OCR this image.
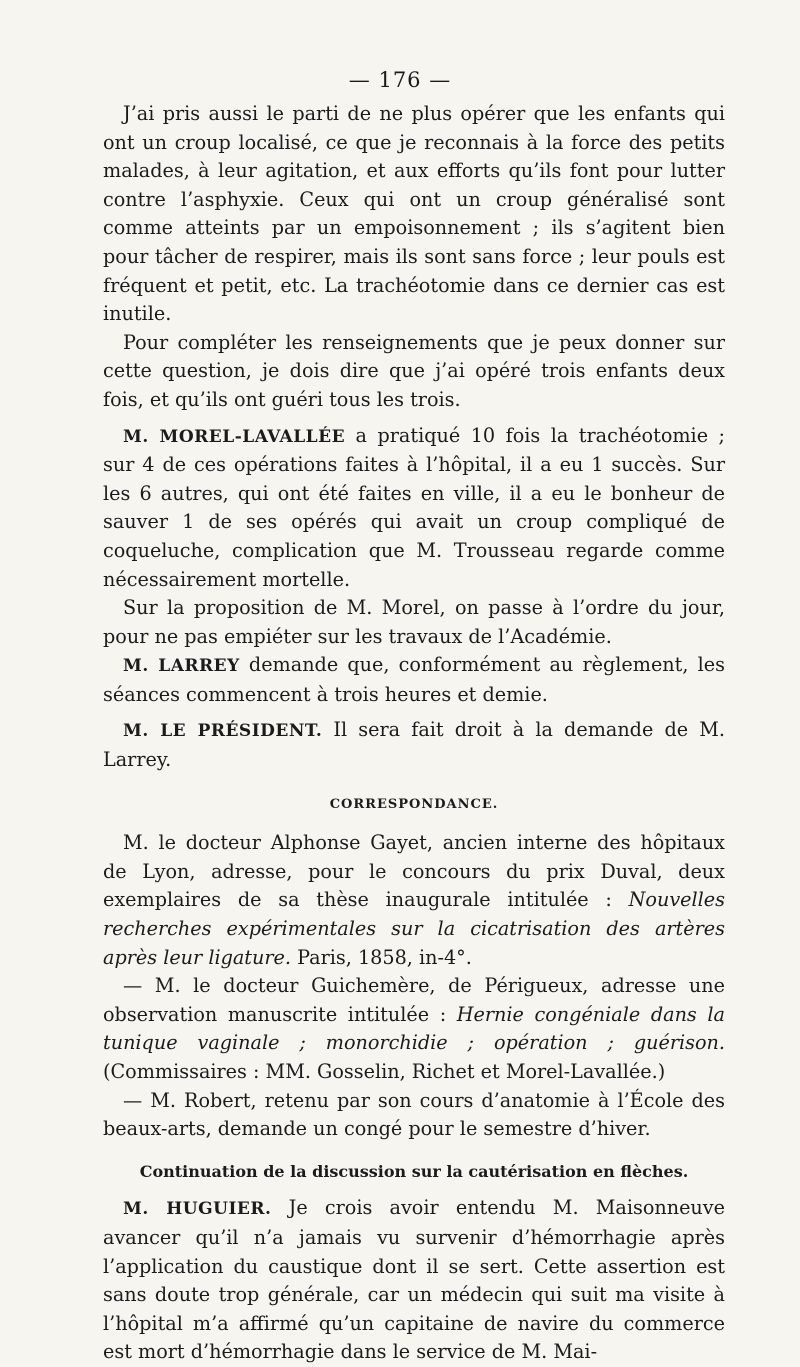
— 176 —

J’ai pris aussi le parti de ne plus opérer que les enfants qui ont un croup localisé, ce que je reconnais à la force des petits malades, à leur agitation, et aux efforts qu’ils font pour lutter contre l’asphyxie. Ceux qui ont un croup généralisé sont comme atteints par un empoisonnement ; ils s’agitent bien pour tâcher de respirer, mais ils sont sans force ; leur pouls est fréquent et petit, etc. La trachéotomie dans ce dernier cas est inutile.

Pour compléter les renseignements que je peux donner sur cette question, je dois dire que j’ai opéré trois enfants deux fois, et qu’ils ont guéri tous les trois.

M. MOREL-LAVALLÉE a pratiqué 10 fois la trachéotomie ; sur 4 de ces opérations faites à l’hôpital, il a eu 1 succès. Sur les 6 autres, qui ont été faites en ville, il a eu le bonheur de sauver 1 de ses opérés qui avait un croup compliqué de coqueluche, complication que M. Trousseau regarde comme nécessairement mortelle.

Sur la proposition de M. Morel, on passe à l’ordre du jour, pour ne pas empiéter sur les travaux de l’Académie.

M. LARREY demande que, conformément au règlement, les séances commencent à trois heures et demie.

M. LE PRÉSIDENT. Il sera fait droit à la demande de M. Larrey.

CORRESPONDANCE.

M. le docteur Alphonse Gayet, ancien interne des hôpitaux de Lyon, adresse, pour le concours du prix Duval, deux exemplaires de sa thèse inaugurale intitulée : Nouvelles recherches expérimentales sur la cicatrisation des artères après leur ligature. Paris, 1858, in-4°.

— M. le docteur Guichemère, de Périgueux, adresse une observation manuscrite intitulée : Hernie congéniale dans la tunique vaginale ; monorchidie ; opération ; guérison. (Commissaires : MM. Gosselin, Richet et Morel-Lavallée.)

— M. Robert, retenu par son cours d’anatomie à l’École des beaux-arts, demande un congé pour le semestre d’hiver.

Continuation de la discussion sur la cautérisation en flèches.

M. HUGUIER. Je crois avoir entendu M. Maisonneuve avancer qu’il n’a jamais vu survenir d’hémorrhagie après l’application du caustique dont il se sert. Cette assertion est sans doute trop générale, car un médecin qui suit ma visite à l’hôpital m’a affirmé qu’un capitaine de navire du commerce est mort d’hémorrhagie dans le service de M. Mai-
